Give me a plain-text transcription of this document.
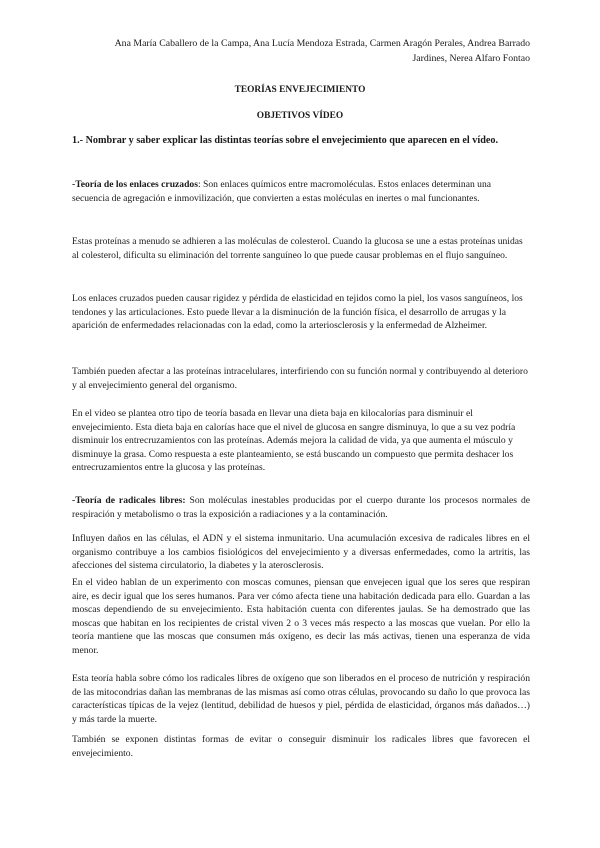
Ana María Caballero de la Campa, Ana Lucía Mendoza Estrada, Carmen Aragón Perales, Andrea Barrado Jardines, Nerea Alfaro Fontao
TEORÍAS ENVEJECIMIENTO
OBJETIVOS VÍDEO

1.- Nombrar y saber explicar las distintas teorías sobre el envejecimiento que aparecen en el vídeo.

-Teoría de los enlaces cruzados: Son enlaces químicos entre macromoléculas. Estos enlaces determinan una secuencia de agregación e inmovilización, que convierten a estas moléculas en inertes o mal funcionantes.

Estas proteínas a menudo se adhieren a las moléculas de colesterol. Cuando la glucosa se une a estas proteínas unidas al colesterol, dificulta su eliminación del torrente sanguíneo lo que puede causar problemas en el flujo sanguíneo.

Los enlaces cruzados pueden causar rigidez y pérdida de elasticidad en tejidos como la piel, los vasos sanguíneos, los tendones y las articulaciones. Esto puede llevar a la disminución de la función física, el desarrollo de arrugas y la aparición de enfermedades relacionadas con la edad, como la arteriosclerosis y la enfermedad de Alzheimer.

También pueden afectar a las proteínas intracelulares, interfiriendo con su función normal y contribuyendo al deterioro y al envejecimiento general del organismo.

En el video se plantea otro tipo de teoría basada en llevar una dieta baja en kilocalorías para disminuir el envejecimiento. Esta dieta baja en calorías hace que el nivel de glucosa en sangre disminuya, lo que a su vez podría disminuir los entrecruzamientos con las proteínas. Además mejora la calidad de vida, ya que aumenta el músculo y disminuye la grasa. Como respuesta a este planteamiento, se está buscando un compuesto que permita deshacer los entrecruzamientos entre la glucosa y las proteínas.

-Teoría de radicales libres: Son moléculas inestables producidas por el cuerpo durante los procesos normales de respiración y metabolismo o tras la exposición a radiaciones y a la contaminación.

Influyen daños en las células, el ADN y el sistema inmunitario. Una acumulación excesiva de radicales libres en el organismo contribuye a los cambios fisiológicos del envejecimiento y a diversas enfermedades, como la artritis, las afecciones del sistema circulatorio, la diabetes y la aterosclerosis.

En el video hablan de un experimento con moscas comunes, piensan que envejecen igual que los seres que respiran aire, es decir igual que los seres humanos. Para ver cómo afecta tiene una habitación dedicada para ello. Guardan a las moscas dependiendo de su envejecimiento. Esta habitación cuenta con diferentes jaulas. Se ha demostrado que las moscas que habitan en los recipientes de cristal viven 2 o 3 veces más respecto a las moscas que vuelan. Por ello la teoría mantiene que las moscas que consumen más oxígeno, es decir las más activas, tienen una esperanza de vida menor.

Esta teoría habla sobre cómo los radicales libres de oxígeno que son liberados en el proceso de nutrición y respiración de las mitocondrias dañan las membranas de las mismas así como otras células, provocando su daño lo que provoca las características típicas de la vejez (lentitud, debilidad de huesos y piel, pérdida de elasticidad, órganos más dañados…) y más tarde la muerte.

También se exponen distintas formas de evitar o conseguir disminuir los radicales libres que favorecen el envejecimiento.
